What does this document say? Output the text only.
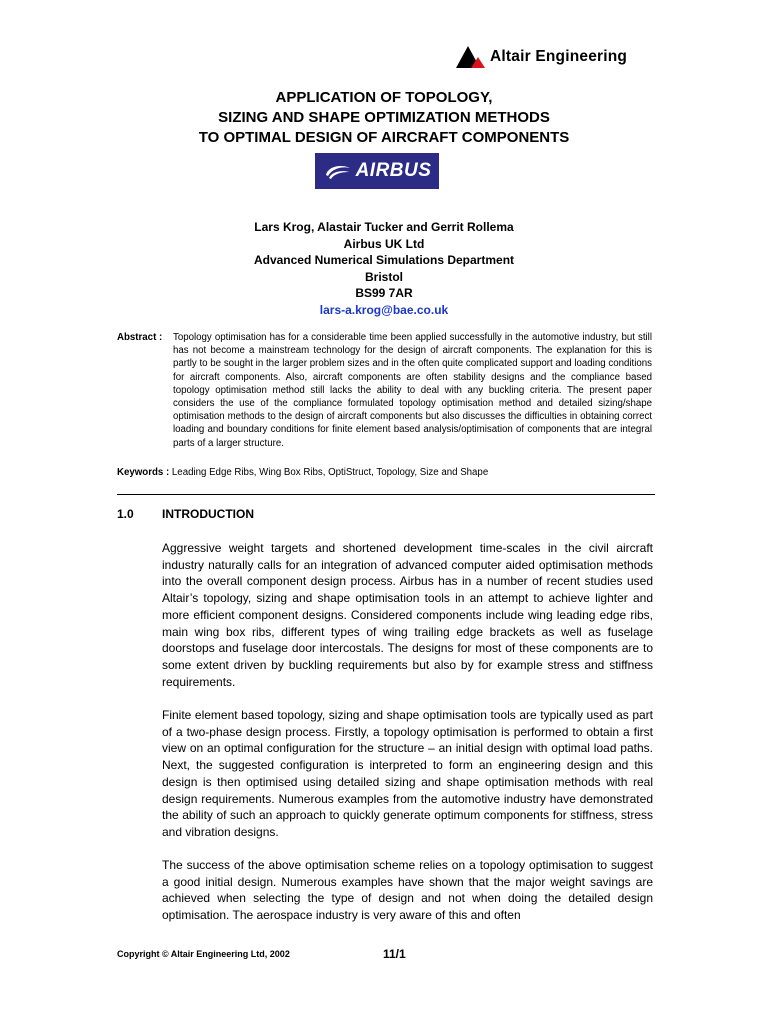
Altair Engineering
APPLICATION OF TOPOLOGY,
SIZING AND SHAPE OPTIMIZATION METHODS
TO OPTIMAL DESIGN OF AIRCRAFT COMPONENTS
AIRBUS
Lars Krog, Alastair Tucker and Gerrit Rollema
Airbus UK Ltd
Advanced Numerical Simulations Department
Bristol
BS99 7AR
lars-a.krog@bae.co.uk
Abstract : Topology optimisation has for a considerable time been applied successfully in the automotive industry, but still has not become a mainstream technology for the design of aircraft components. The explanation for this is partly to be sought in the larger problem sizes and in the often quite complicated support and loading conditions for aircraft components. Also, aircraft components are often stability designs and the compliance based topology optimisation method still lacks the ability to deal with any buckling criteria. The present paper considers the use of the compliance formulated topology optimisation method and detailed sizing/shape optimisation methods to the design of aircraft components but also discusses the difficulties in obtaining correct loading and boundary conditions for finite element based analysis/optimisation of components that are integral parts of a larger structure.
Keywords : Leading Edge Ribs, Wing Box Ribs, OptiStruct, Topology, Size and Shape
1.0 INTRODUCTION
Aggressive weight targets and shortened development time-scales in the civil aircraft industry naturally calls for an integration of advanced computer aided optimisation methods into the overall component design process. Airbus has in a number of recent studies used Altair’s topology, sizing and shape optimisation tools in an attempt to achieve lighter and more efficient component designs. Considered components include wing leading edge ribs, main wing box ribs, different types of wing trailing edge brackets as well as fuselage doorstops and fuselage door intercostals. The designs for most of these components are to some extent driven by buckling requirements but also by for example stress and stiffness requirements.
Finite element based topology, sizing and shape optimisation tools are typically used as part of a two-phase design process. Firstly, a topology optimisation is performed to obtain a first view on an optimal configuration for the structure – an initial design with optimal load paths. Next, the suggested configuration is interpreted to form an engineering design and this design is then optimised using detailed sizing and shape optimisation methods with real design requirements. Numerous examples from the automotive industry have demonstrated the ability of such an approach to quickly generate optimum components for stiffness, stress and vibration designs.
The success of the above optimisation scheme relies on a topology optimisation to suggest a good initial design. Numerous examples have shown that the major weight savings are achieved when selecting the type of design and not when doing the detailed design optimisation. The aerospace industry is very aware of this and often
Copyright © Altair Engineering Ltd, 2002	11/1
